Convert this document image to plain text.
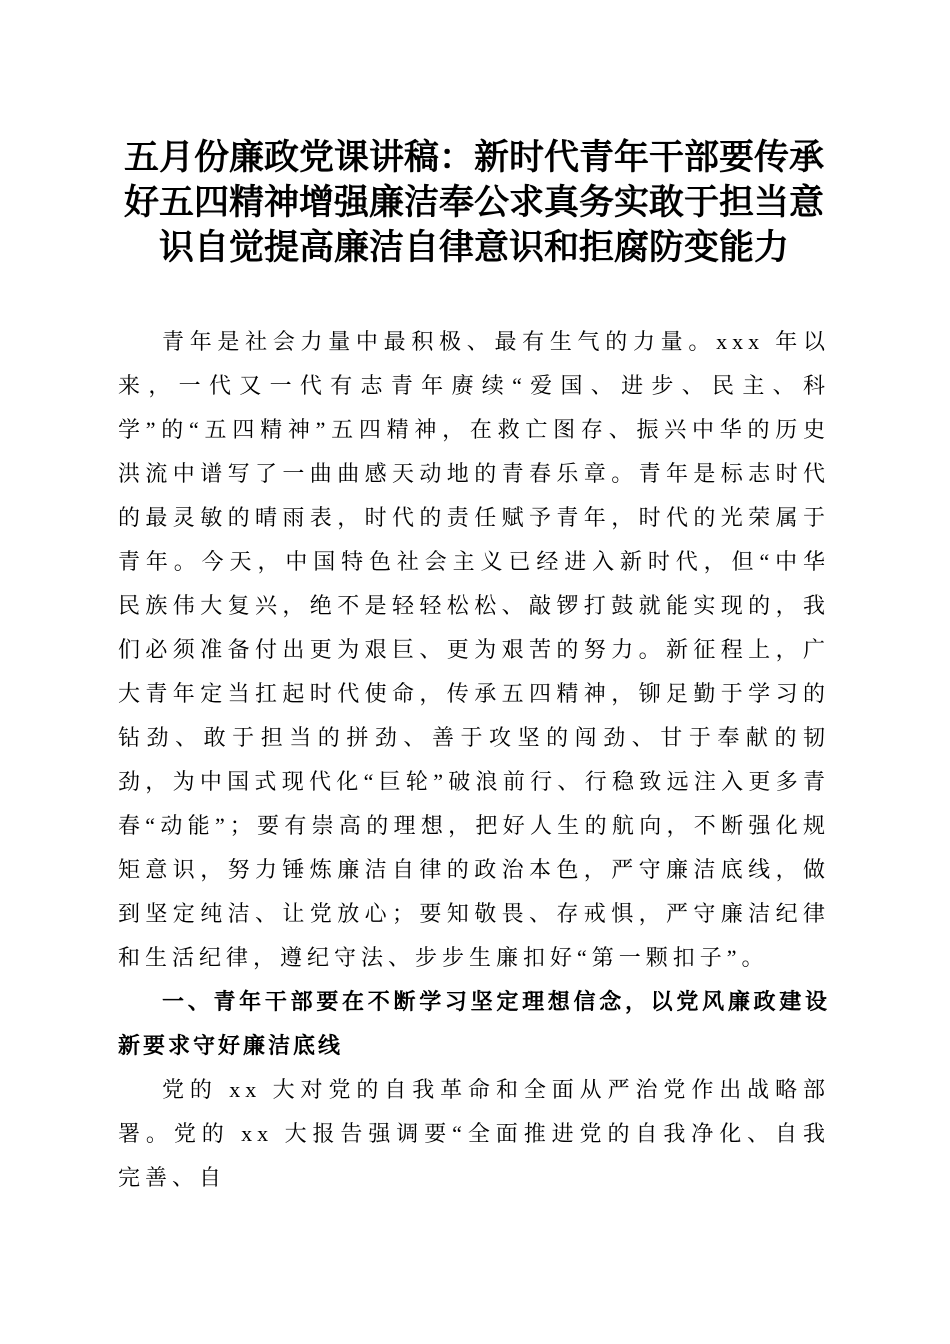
五月份廉政党课讲稿：新时代青年干部要传承好五四精神增强廉洁奉公求真务实敢于担当意识自觉提高廉洁自律意识和拒腐防变能力

青年是社会力量中最积极、最有生气的力量。xxx 年以来，一代又一代有志青年赓续“爱国、进步、民主、科学”的“五四精神”五四精神，在救亡图存、振兴中华的历史洪流中谱写了一曲曲感天动地的青春乐章。青年是标志时代的最灵敏的晴雨表，时代的责任赋予青年，时代的光荣属于青年。今天，中国特色社会主义已经进入新时代，但“中华民族伟大复兴，绝不是轻轻松松、敲锣打鼓就能实现的，我们必须准备付出更为艰巨、更为艰苦的努力。新征程上，广大青年定当扛起时代使命，传承五四精神，铆足勤于学习的钻劲、敢于担当的拼劲、善于攻坚的闯劲、甘于奉献的韧劲，为中国式现代化“巨轮”破浪前行、行稳致远注入更多青春“动能”；要有崇高的理想，把好人生的航向，不断强化规矩意识，努力锤炼廉洁自律的政治本色，严守廉洁底线，做到坚定纯洁、让党放心；要知敬畏、存戒惧，严守廉洁纪律和生活纪律，遵纪守法、步步生廉扣好“第一颗扣子”。

一、青年干部要在不断学习坚定理想信念，以党风廉政建设新要求守好廉洁底线

党的 xx 大对党的自我革命和全面从严治党作出战略部署。党的 xx 大报告强调要“全面推进党的自我净化、自我完善、自
